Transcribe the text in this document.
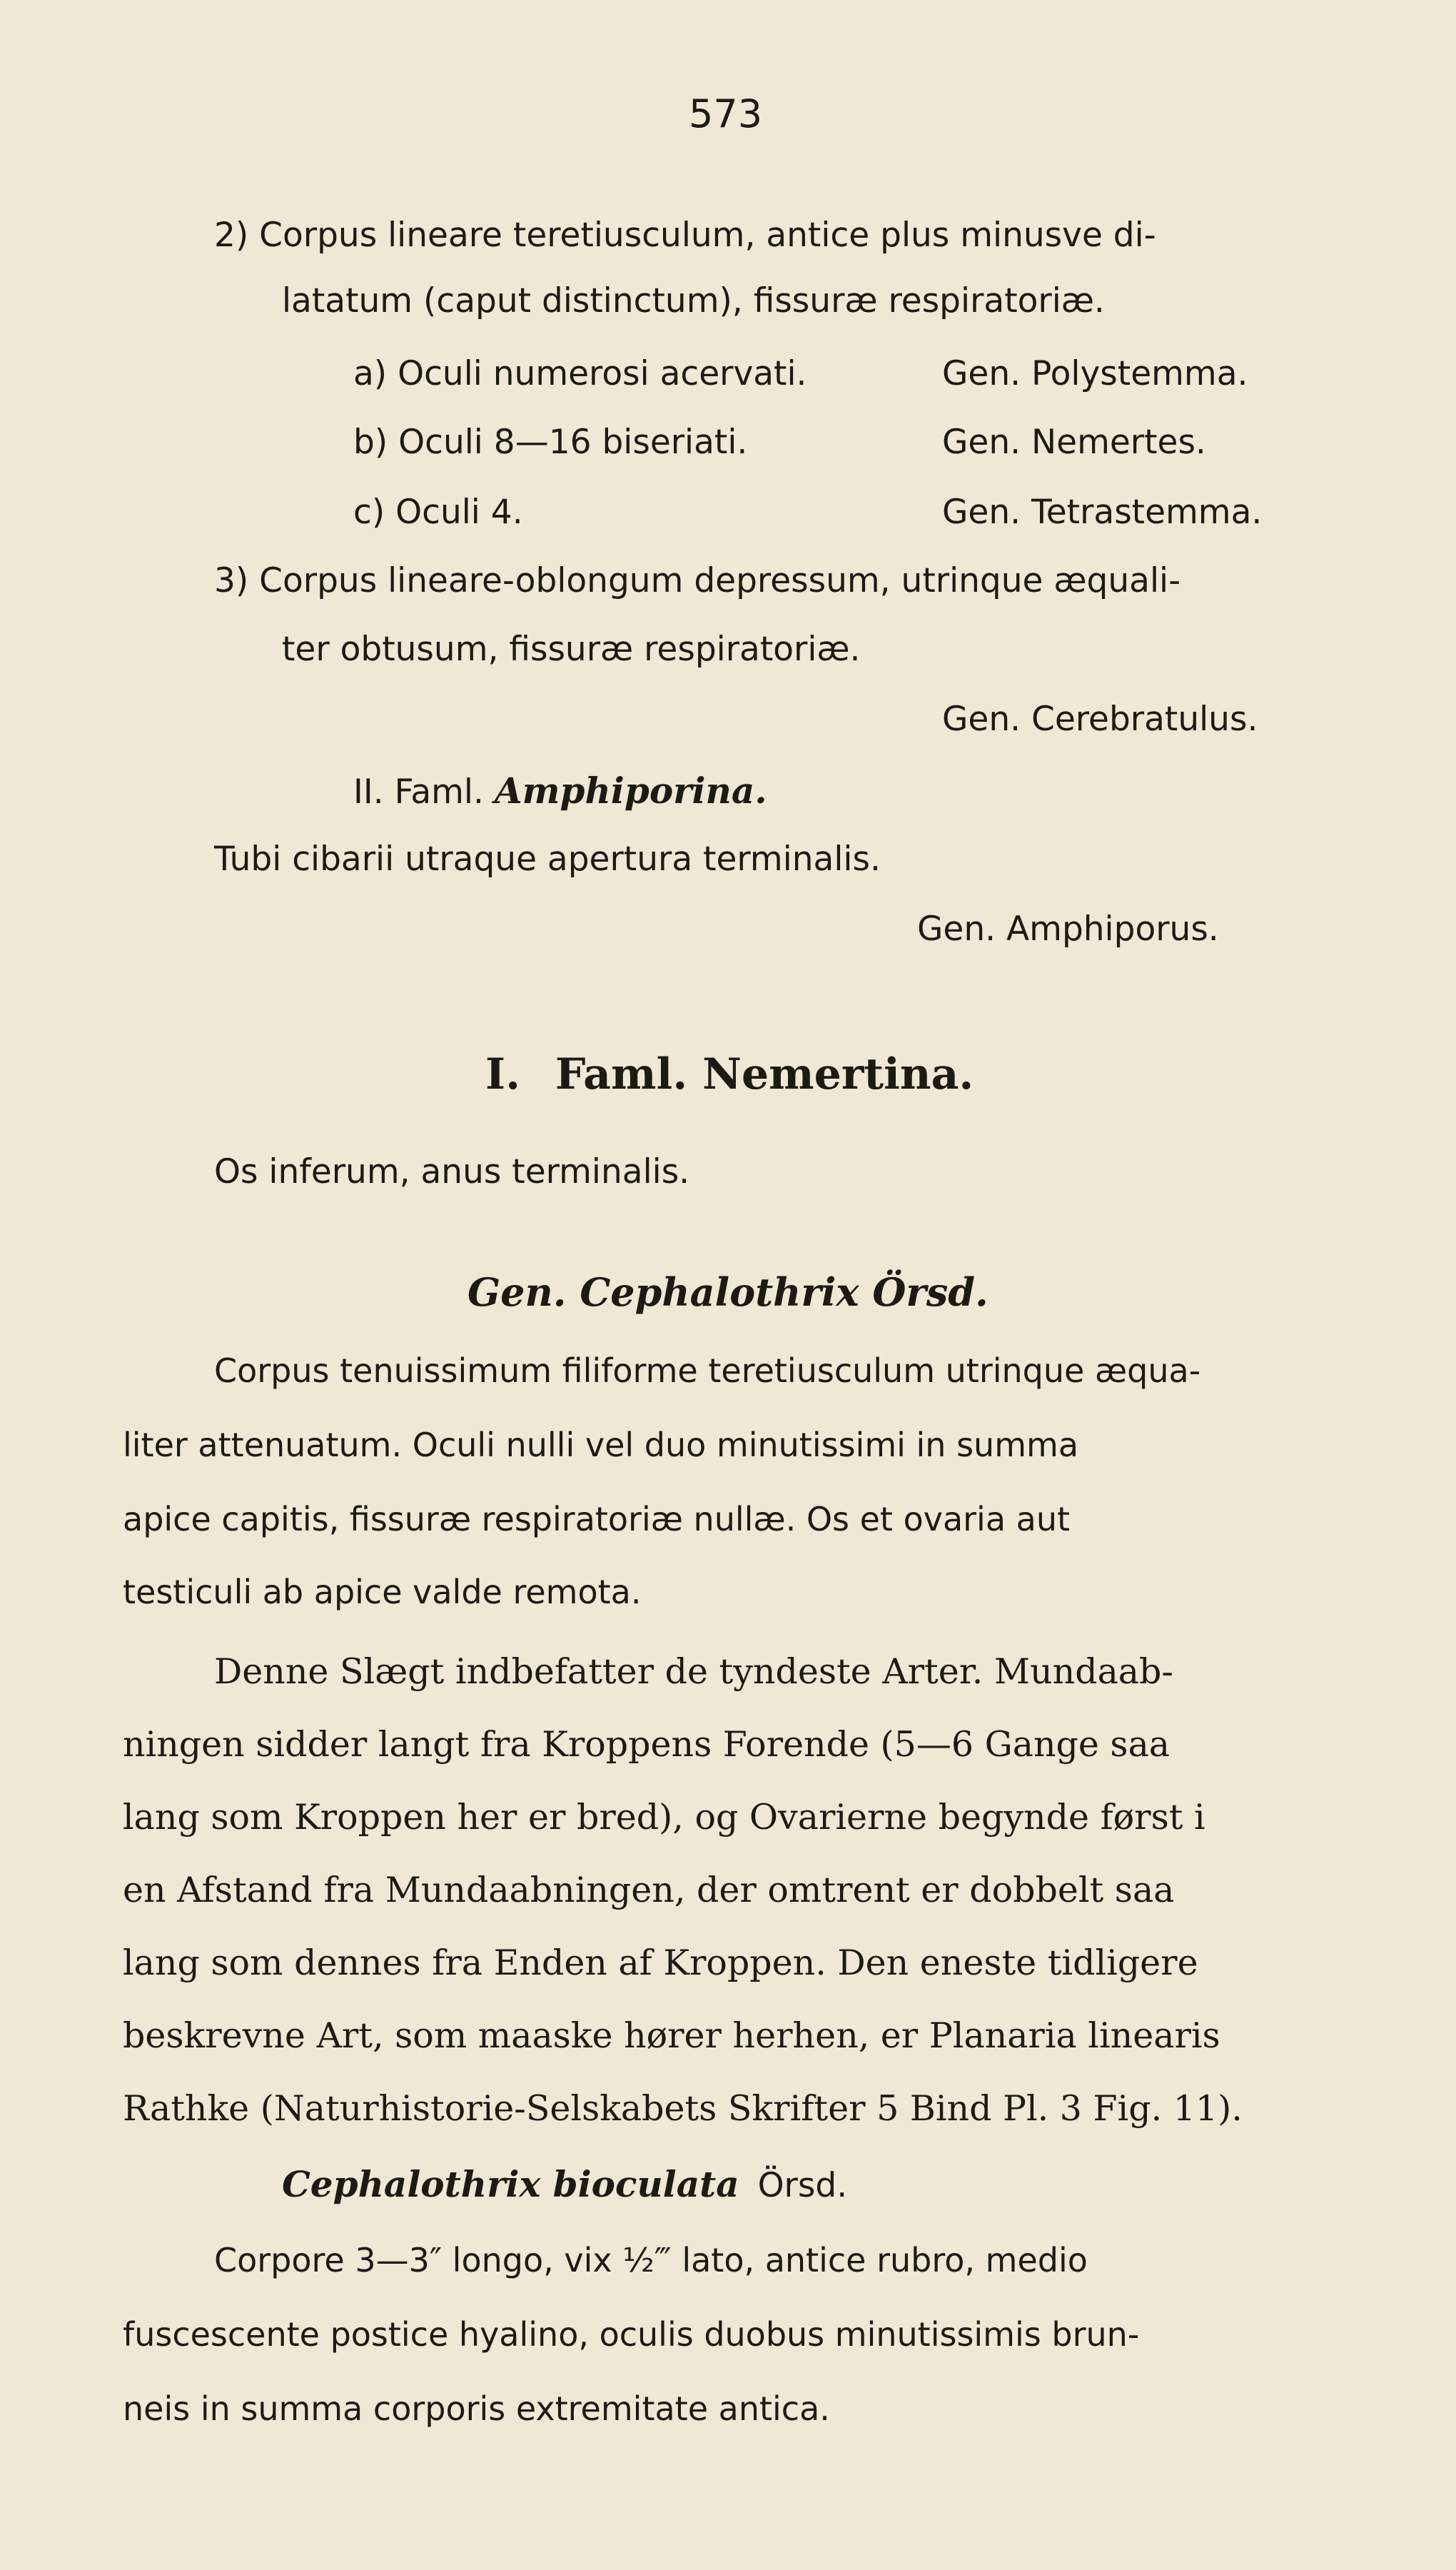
573
2) Corpus lineare teretiusculum, antice plus minusve di-
latatum (caput distinctum), fissuræ respiratoriæ.
a) Oculi numerosi acervati.	Gen. Polystemma.
b) Oculi 8—16 biseriati.	Gen. Nemertes.
c) Oculi 4.	Gen. Tetrastemma.
3) Corpus lineare-oblongum depressum, utrinque æquali-
ter obtusum, fissuræ respiratoriæ.
Gen. Cerebratulus.
II. Faml. Amphiporina.
Tubi cibarii utraque apertura terminalis.
Gen. Amphiporus.
I. Faml. Nemertina.
Os inferum, anus terminalis.
Gen. Cephalothrix Örsd.
Corpus tenuissimum filiforme teretiusculum utrinque æqua-
liter attenuatum. Oculi nulli vel duo minutissimi in summa
apice capitis, fissuræ respiratoriæ nullæ. Os et ovaria aut
testiculi ab apice valde remota.
Denne Slægt indbefatter de tyndeste Arter. Mundaab-
ningen sidder langt fra Kroppens Forende (5—6 Gange saa
lang som Kroppen her er bred), og Ovarierne begynde først i
en Afstand fra Mundaabningen, der omtrent er dobbelt saa
lang som dennes fra Enden af Kroppen. Den eneste tidligere
beskrevne Art, som maaske hører herhen, er Planaria linearis
Rathke (Naturhistorie-Selskabets Skrifter 5 Bind Pl. 3 Fig. 11).
Cephalothrix bioculata Örsd.
Corpore 3—3″ longo, vix ½‴ lato, antice rubro, medio
fuscescente postice hyalino, oculis duobus minutissimis brun-
neis in summa corporis extremitate antica.
